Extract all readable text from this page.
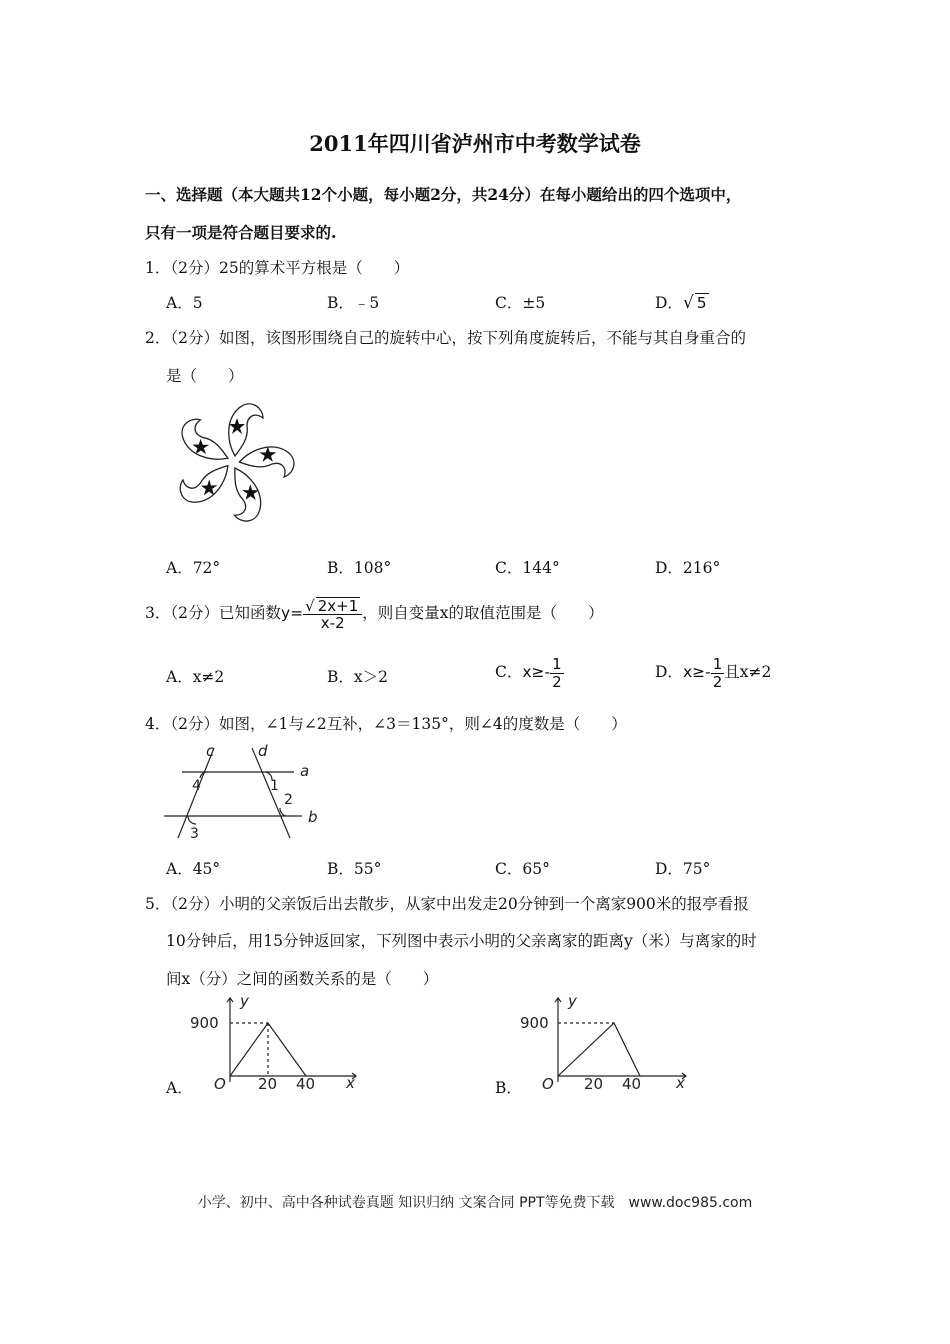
2011年四川省泸州市中考数学试卷
一、选择题（本大题共12个小题，每小题2分，共24分）在每小题给出的四个选项中，
只有一项是符合题目要求的.
1．（2分）25的算术平方根是（　　）
A．5	B．﹣5	C．±5	D．√ 5
2．（2分）如图，该图形围绕自己的旋转中心，按下列角度旋转后，不能与其自身重合的
是（　　）
A．72°	B．108°	C．144°	D．216°
3．（2分）已知函数$y= \frac{√ 2x+1}{x-2}$ ，则自变量x的取值范围是（　　）
A．x≠2	B．x＞2	C．$x\ge- \frac{1}{2}$	D．$x\ge- \frac{1}{2}$ 且x≠2
4．（2分）如图，∠1与∠2互补，∠3＝135°，则∠4的度数是（　　）
c	d
a
b
4	1
2
3
A．45°	B．55°	C．65°	D．75°
5．（2分）小明的父亲饭后出去散步，从家中出发走20分钟到一个离家900米的报亭看报
10分钟后，用15分钟返回家，下列图中表示小明的父亲离家的距离y（米）与离家的时
间x（分）之间的函数关系的是（　　）
A．
y
x
O
900
20 40	B．
y
x
O
900
20 40
小学、初中、高中各种试卷真题 知识归纳 文案合同 PPT等免费下载　www.doc985.com
